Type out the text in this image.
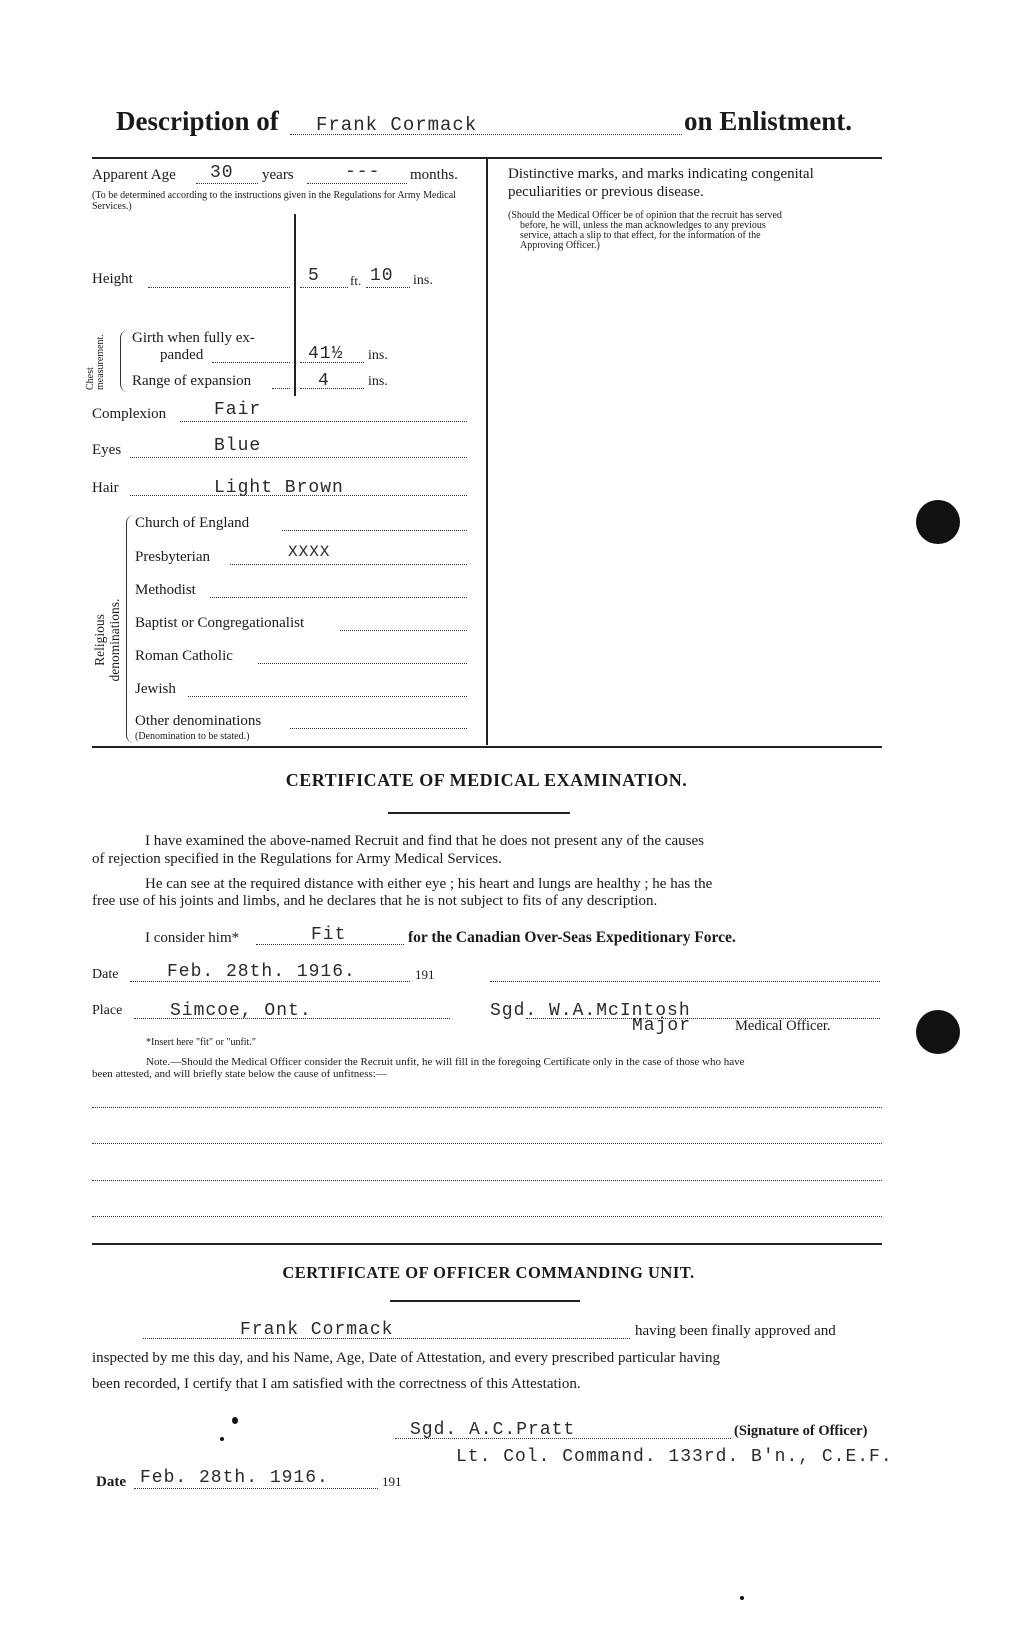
Description of Frank Cormack	on Enlistment.
Apparent Age 30 years	--- months.
(To be determined according to the instructions given in the Regulations for Army Medical Services.)
Height	5 ft. 10 ins.
Chest measurement. Girth when fully ex-
panded	41½ ins.
Range of expansion	4	ins.
Complexion	Fair
Eyes	Blue
Hair	Light Brown
Religious denominations.
Church of England
Presbyterian	XXXX
Methodist
Baptist or Congregationalist
Roman Catholic
Jewish
Other denominations
(Denomination to be stated.)
Distinctive marks, and marks indicating congenital
peculiarities or previous disease.
(Should the Medical Officer be of opinion that the recruit has served
before, he will, unless the man acknowledges to any previous
service, attach a slip to that effect, for the information of the
Approving Officer.)
CERTIFICATE OF MEDICAL EXAMINATION.
I have examined the above-named Recruit and find that he does not present any of the causes
of rejection specified in the Regulations for Army Medical Services.
He can see at the required distance with either eye ; his heart and lungs are healthy ; he has the
free use of his joints and limbs, and he declares that he is not subject to fits of any description.
I consider him*	Fit	for the Canadian Over-Seas Expeditionary Force.
Date	Feb. 28th. 1916.	191
Place	Simcoe, Ont.	Sgd. W.A.McIntosh
Major	Medical Officer.
*Insert here "fit" or "unfit."
Note.—Should the Medical Officer consider the Recruit unfit, he will fill in the foregoing Certificate only in the case of those who have
been attested, and will briefly state below the cause of unfitness:—
CERTIFICATE OF OFFICER COMMANDING UNIT.
Frank Cormack	having been finally approved and
inspected by me this day, and his Name, Age, Date of Attestation, and every prescribed particular having
been recorded, I certify that I am satisfied with the correctness of this Attestation.
Sgd. A.C.Pratt	(Signature of Officer)
Lt. Col. Command. 133rd. B'n., C.E.F.
Date Feb. 28th. 1916.	191
